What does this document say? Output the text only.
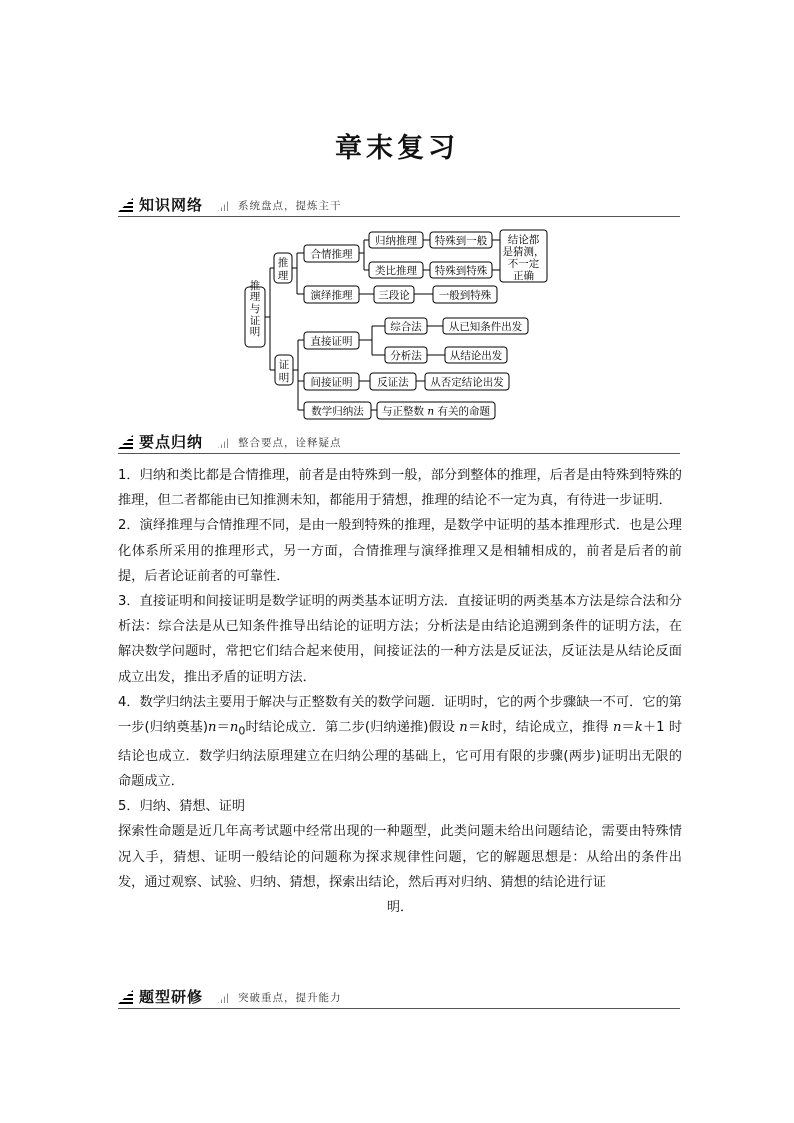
章末复习
知识网络	系统盘点，提炼主干
推理
与
证明
推
理
证
明
合情推理
归纳推理 特殊到一般
类比推理 特殊到特殊
结论都
是猜测，
不一定
正确
演绎推理 三段论	一般到特殊
直接证明
综合法	从已知条件出发
分析法	从结论出发
间接证明 反证法 从否定结论出发
数学归纳法 与正整数 n 有关的命题
要点归纳	整合要点，诠释疑点

1．归纳和类比都是合情推理，前者是由特殊到一般，部分到整体的推理，后者是由特殊到特殊的推理，但二者都能由已知推测未知，都能用于猜想，推理的结论不一定为真，有待进一步证明．

2．演绎推理与合情推理不同，是由一般到特殊的推理，是数学中证明的基本推理形式．也是公理化体系所采用的推理形式，另一方面，合情推理与演绎推理又是相辅相成的，前者是后者的前提，后者论证前者的可靠性．

3．直接证明和间接证明是数学证明的两类基本证明方法．直接证明的两类基本方法是综合法和分析法：综合法是从已知条件推导出结论的证明方法；分析法是由结论追溯到条件的证明方法，在解决数学问题时，常把它们结合起来使用，间接证法的一种方法是反证法，反证法是从结论反面成立出发，推出矛盾的证明方法．

4．数学归纳法主要用于解决与正整数有关的数学问题．证明时，它的两个步骤缺一不可．它的第一步(归纳奠基)$n=n_0$时结论成立．第二步(归纳递推)假设 n＝k时，结论成立，推得 n＝k＋1 时结论也成立．数学归纳法原理建立在归纳公理的基础上，它可用有限的步骤(两步)证明出无限的命题成立．

5．归纳、猜想、证明

探索性命题是近几年高考试题中经常出现的一种题型，此类问题未给出问题结论，需要由特殊情况入手，猜想、证明一般结论的问题称为探求规律性问题，它的解题思想是：从给出的条件出发，通过观察、试验、归纳、猜想，探索出结论，然后再对归纳、猜想的结论进行证

明．

题型研修	突破重点，提升能力
